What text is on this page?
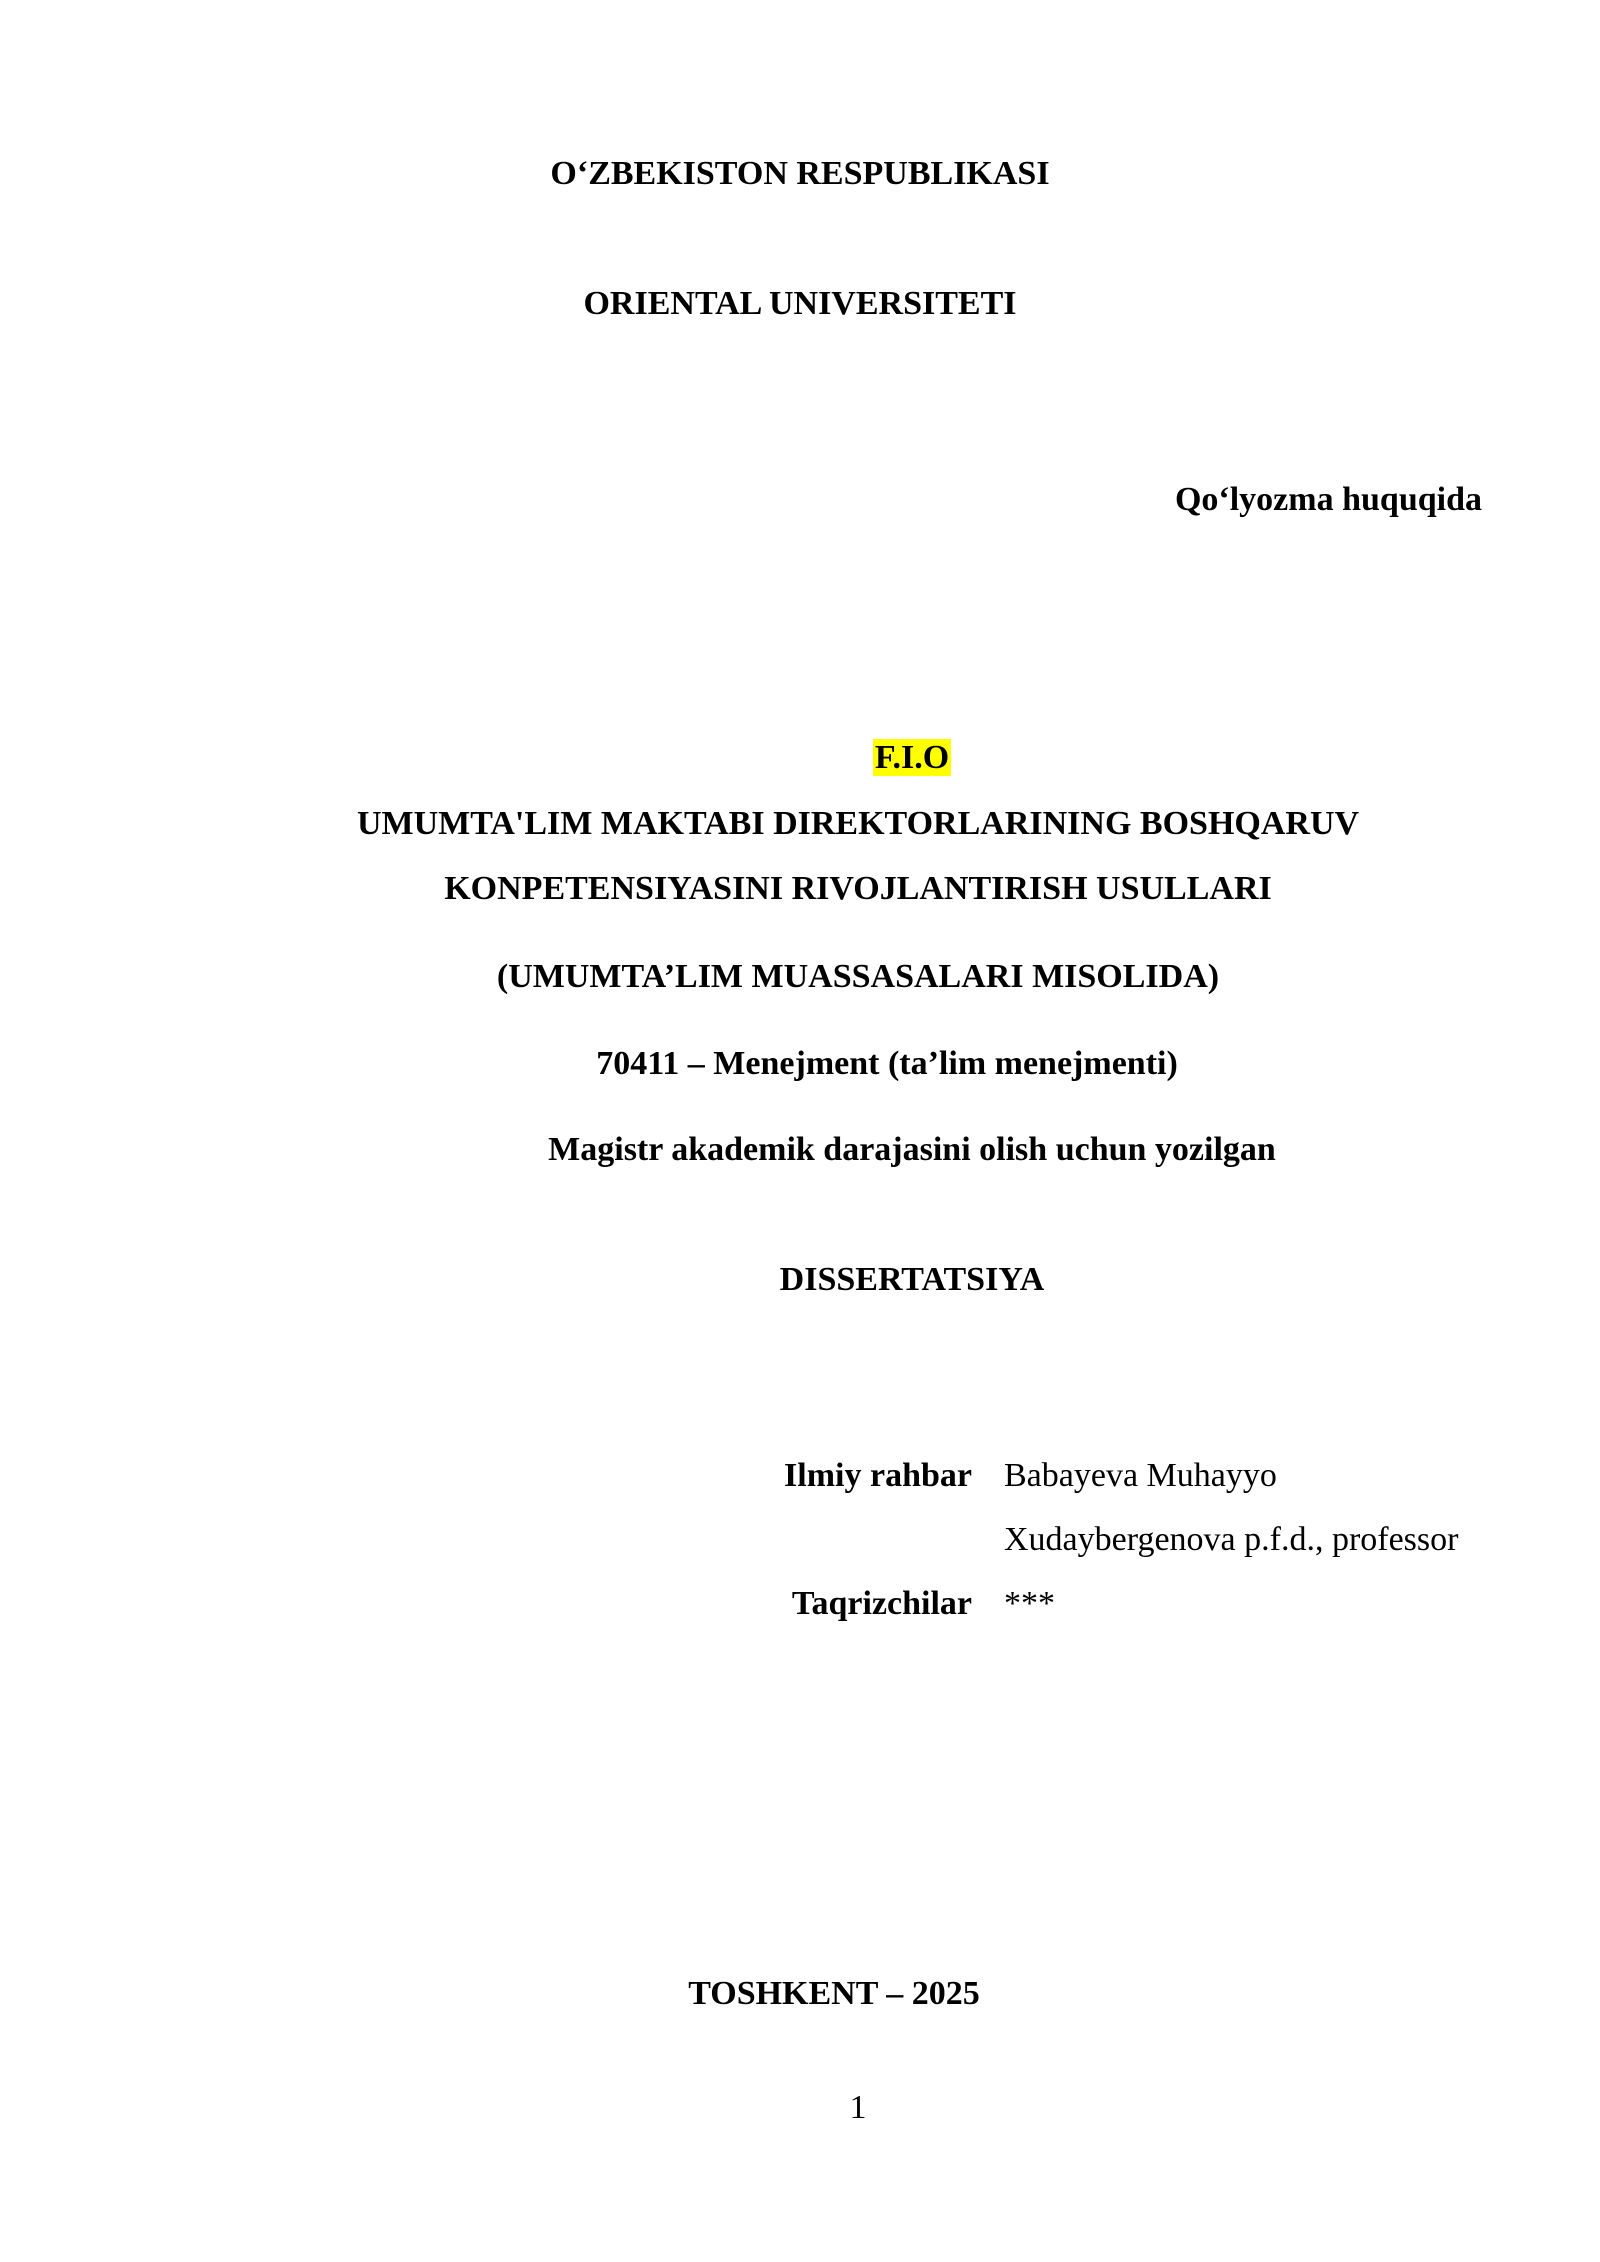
O‘ZBEKISTON RESPUBLIKASI
ORIENTAL UNIVERSITETI
Qo‘lyozma huquqida
F.I.O
UMUMTA'LIM MAKTABI DIREKTORLARINING BOSHQARUV
KONPETENSIYASINI RIVOJLANTIRISH USULLARI
(UMUMTA’LIM MUASSASALARI MISOLIDA)
70411 – Menejment (ta’lim menejmenti)
Magistr akademik darajasini olish uchun yozilgan
DISSERTATSIYA
Ilmiy rahbar Babayeva Muhayyo
Xudaybergenova p.f.d., professor
Taqrizchilar ***
TOSHKENT – 2025
1
